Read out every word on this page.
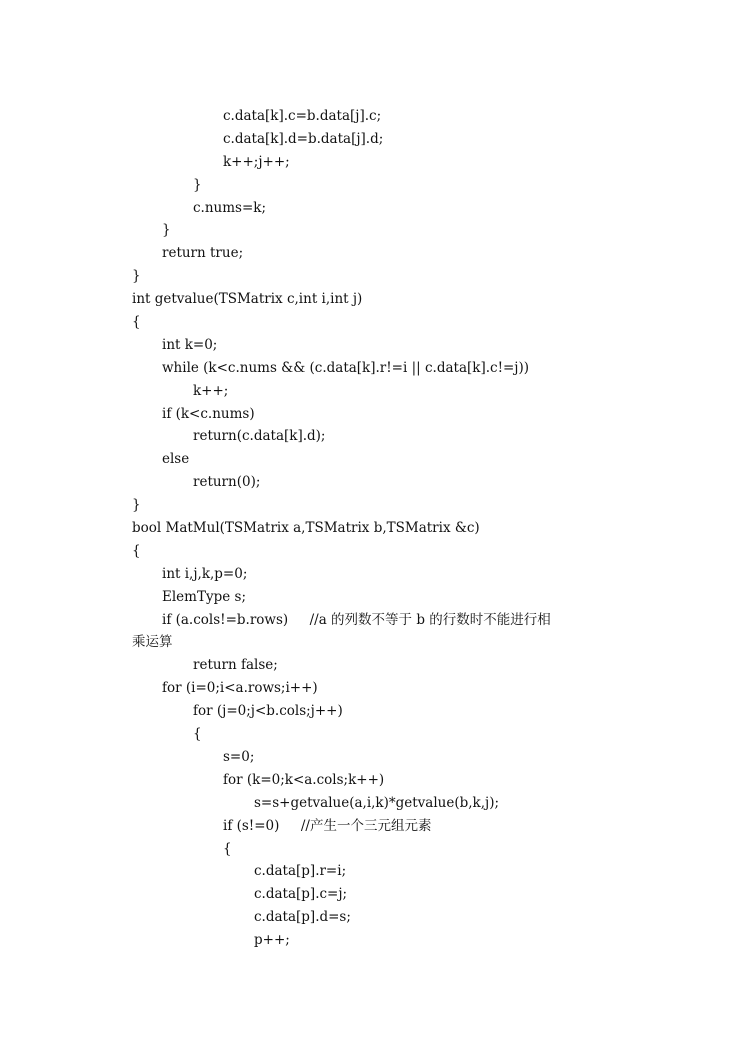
c.data[k].c=b.data[j].c;
c.data[k].d=b.data[j].d;
k++;j++;
}
c.nums=k;
}
return true;
}
int getvalue(TSMatrix c,int i,int j)
{
int k=0;
while (k<c.nums && (c.data[k].r!=i || c.data[k].c!=j))
k++;
if (k<c.nums)
return(c.data[k].d);
else
return(0);
}
bool MatMul(TSMatrix a,TSMatrix b,TSMatrix &c)
{
int i,j,k,p=0;
ElemType s;
if (a.cols!=b.rows)     //a 的列数不等于 b 的行数时不能进行相
乘运算
return false;
for (i=0;i<a.rows;i++)
for (j=0;j<b.cols;j++)
{
s=0;
for (k=0;k<a.cols;k++)
s=s+getvalue(a,i,k)*getvalue(b,k,j);
if (s!=0)     //产生一个三元组元素
{
c.data[p].r=i;
c.data[p].c=j;
c.data[p].d=s;
p++;
